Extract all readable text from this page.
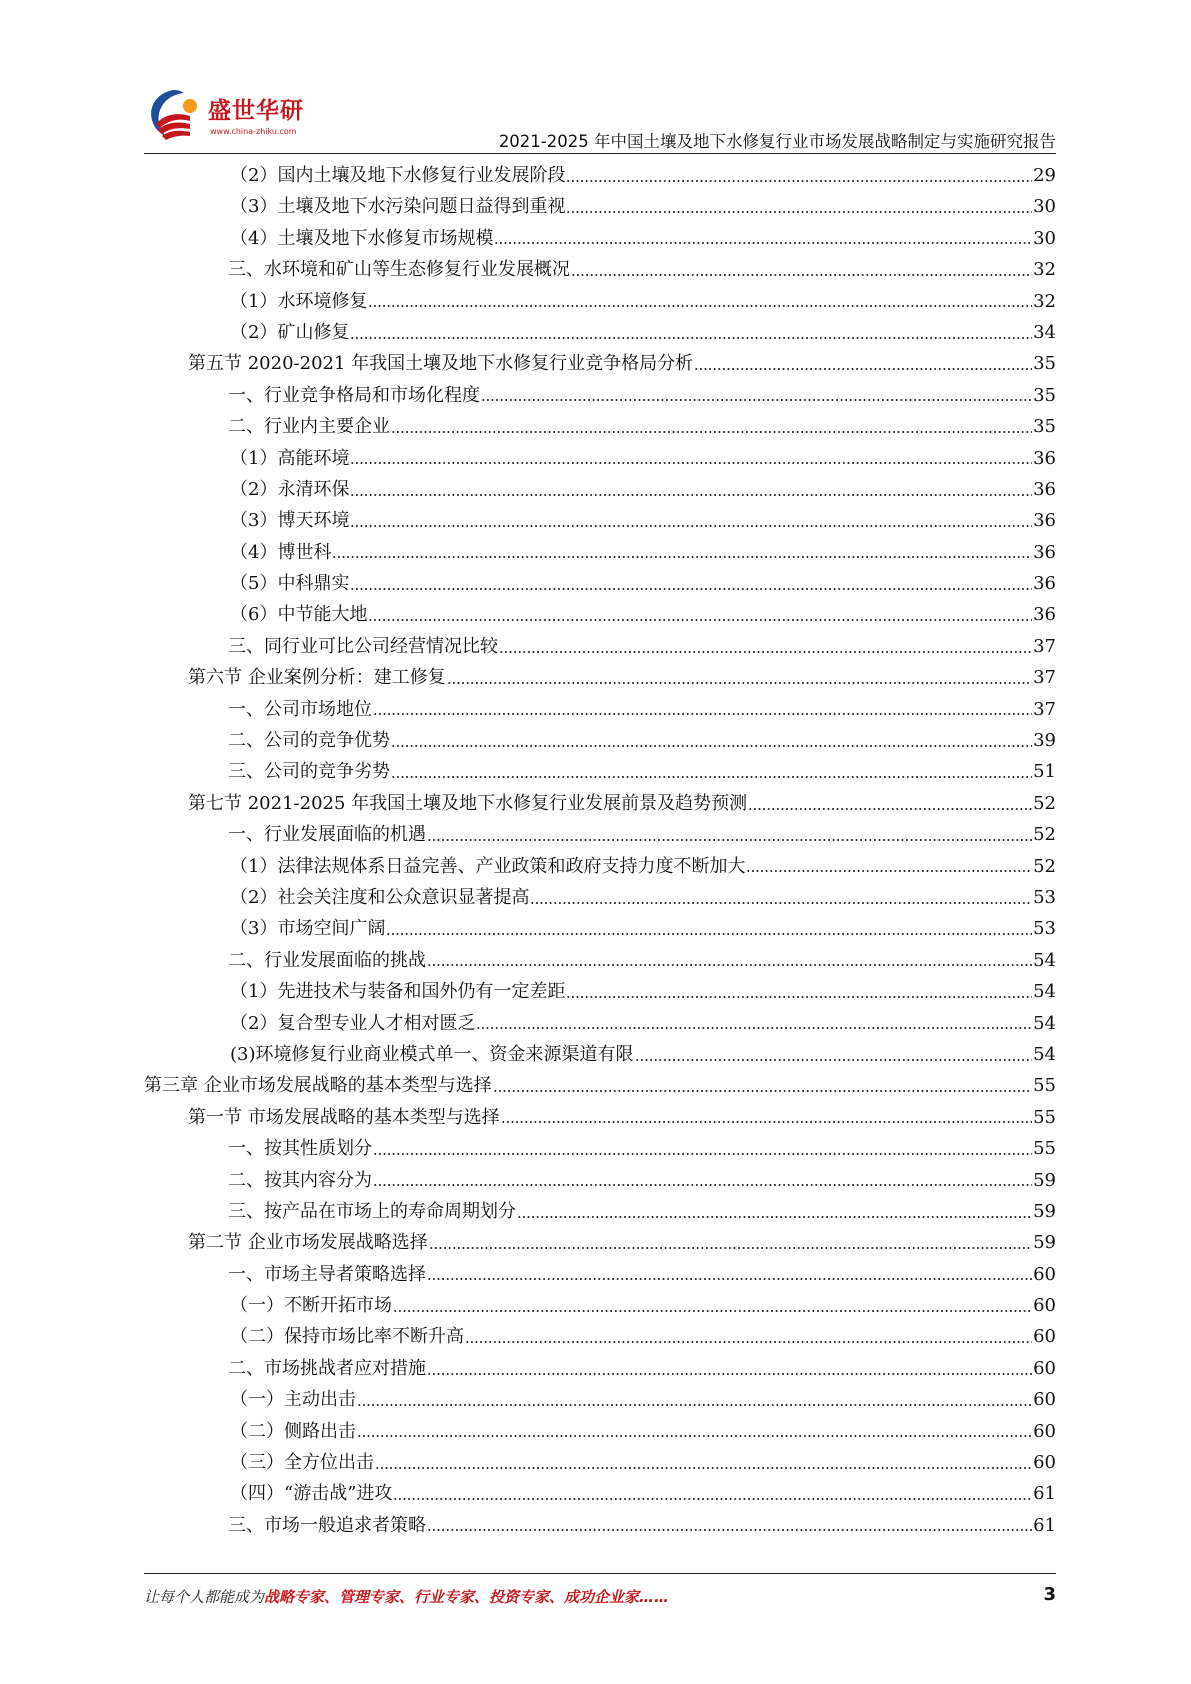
盛世华研
www.china-zhiku.com
2021-2025 年中国土壤及地下水修复行业市场发展战略制定与实施研究报告
（2）国内土壤及地下水修复行业发展阶段	29
（3）土壤及地下水污染问题日益得到重视	30
（4）土壤及地下水修复市场规模	30
三、水环境和矿山等生态修复行业发展概况	32
（1）水环境修复	32
（2）矿山修复	34
第五节 2020-2021 年我国土壤及地下水修复行业竞争格局分析	35
一、行业竞争格局和市场化程度	35
二、行业内主要企业	35
（1）高能环境	36
（2）永清环保	36
（3）博天环境	36
（4）博世科	36
（5）中科鼎实	36
（6）中节能大地	36
三、同行业可比公司经营情况比较	37
第六节 企业案例分析：建工修复	37
一、公司市场地位	37
二、公司的竞争优势	39
三、公司的竞争劣势	51
第七节 2021-2025 年我国土壤及地下水修复行业发展前景及趋势预测	52
一、行业发展面临的机遇	52
（1）法律法规体系日益完善、产业政策和政府支持力度不断加大	52
（2）社会关注度和公众意识显著提高	53
（3）市场空间广阔	53
二、行业发展面临的挑战	54
（1）先进技术与装备和国外仍有一定差距	54
（2）复合型专业人才相对匮乏	54
(3)环境修复行业商业模式单一、资金来源渠道有限	54
第三章 企业市场发展战略的基本类型与选择	55
第一节 市场发展战略的基本类型与选择	55
一、按其性质划分	55
二、按其内容分为	59
三、按产品在市场上的寿命周期划分	59
第二节 企业市场发展战略选择	59
一、市场主导者策略选择	60
（一）不断开拓市场	60
（二）保持市场比率不断升高	60
二、市场挑战者应对措施	60
（一）主动出击	60
（二）侧路出击	60
（三）全方位出击	60
（四）“游击战”进攻	61
三、市场一般追求者策略	61
让每个人都能成为战略专家、管理专家、行业专家、投资专家、成功企业家……	3
